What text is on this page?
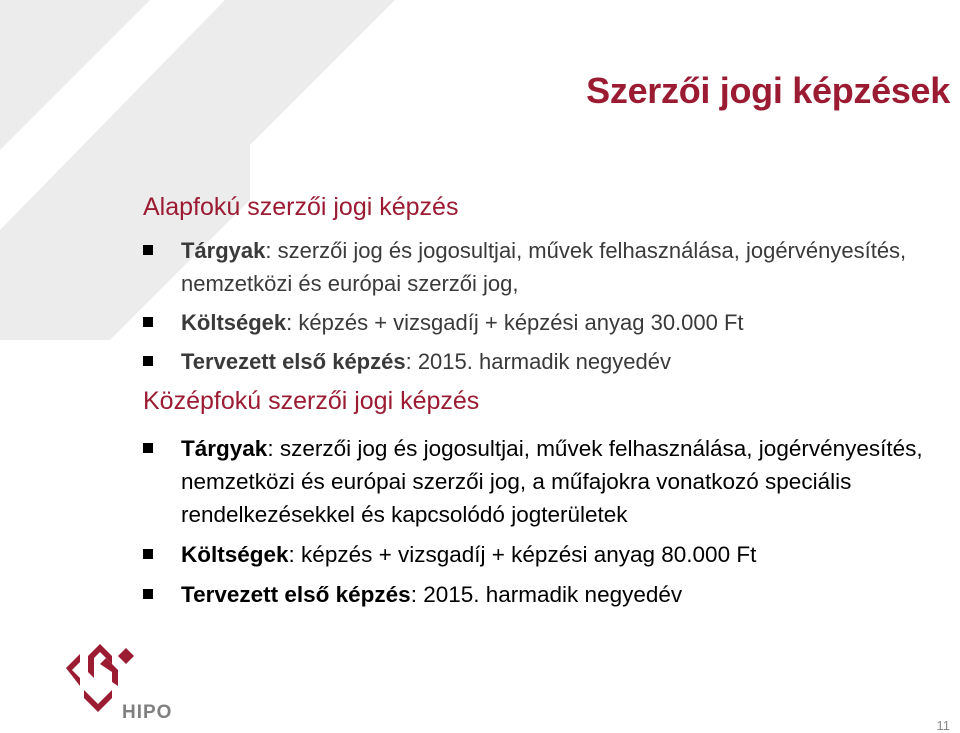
Szerzői jogi képzések
Alapfokú szerzői jogi képzés
Tárgyak: szerzői jog és jogosultjai, művek felhasználása, jogérvényesítés, nemzetközi és európai szerzői jog,
Költségek: képzés + vizsgadíj + képzési anyag 30.000 Ft
Tervezett első képzés: 2015. harmadik negyedév
Középfokú szerzői jogi képzés
Tárgyak: szerzői jog és jogosultjai, művek felhasználása, jogérvényesítés, nemzetközi és európai szerzői jog, a műfajokra vonatkozó speciális rendelkezésekkel és kapcsolódó jogterületek
Költségek: képzés + vizsgadíj + képzési anyag 80.000 Ft
Tervezett első képzés: 2015. harmadik negyedév
HIPO
11
